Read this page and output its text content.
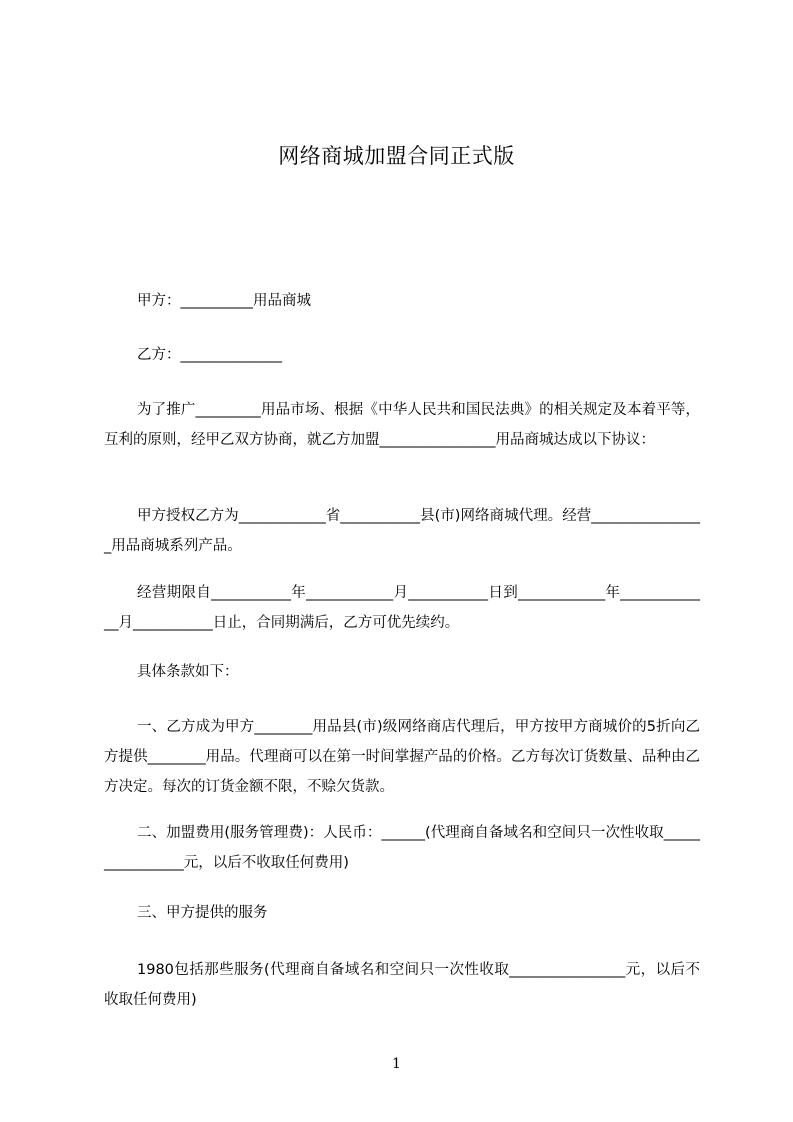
网络商城加盟合同正式版

甲方：__________用品商城

乙方：______________

为了推广_________用品市场、根据《中华人民共和国民法典》的相关规定及本着平等，互利的原则，经甲乙双方协商，就乙方加盟________________用品商城达成以下协议：

甲方授权乙方为____________省___________县(市)网络商城代理。经营________________用品商城系列产品。

经营期限自___________年____________月___________日到____________年_____________月___________日止，合同期满后，乙方可优先续约。

具体条款如下：

一、乙方成为甲方________用品县(市)级网络商店代理后，甲方按甲方商城价的5折向乙方提供________用品。代理商可以在第一时间掌握产品的价格。乙方每次订货数量、品种由乙方决定。每次的订货金额不限，不赊欠货款。

二、加盟费用(服务管理费)：人民币：______(代理商自备域名和空间只一次性收取________________元，以后不收取任何费用)

三、甲方提供的服务

1980包括那些服务(代理商自备域名和空间只一次性收取________________元，以后不收取任何费用)

1
